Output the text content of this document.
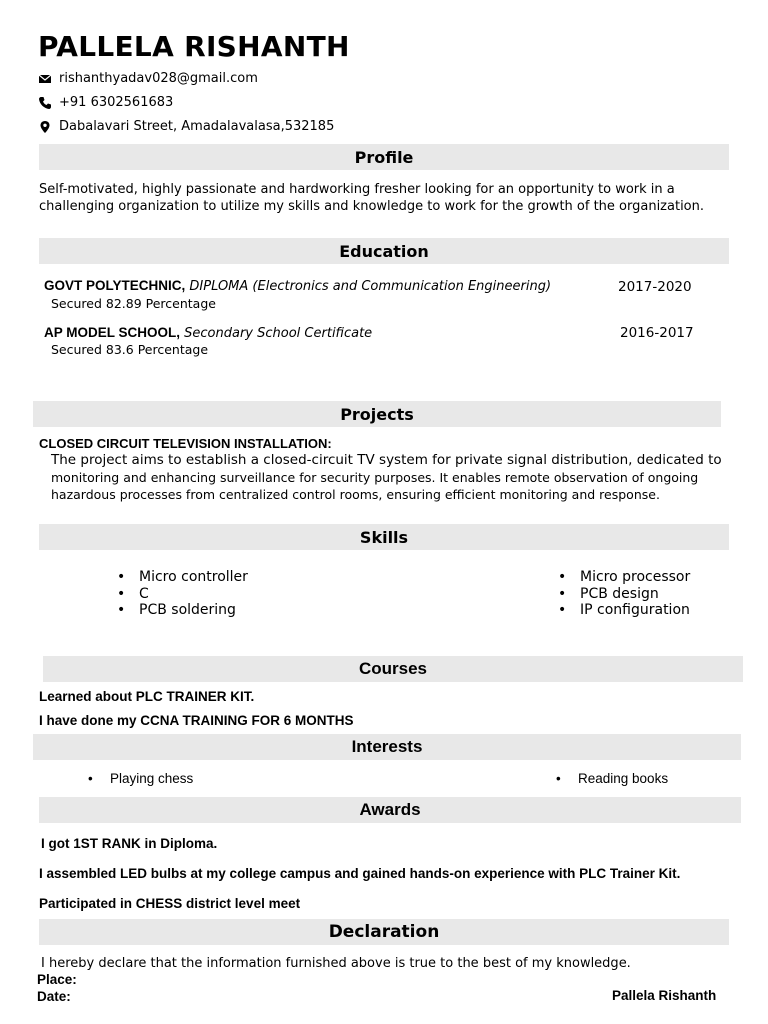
PALLELA RISHANTH
rishanthyadav028@gmail.com
+91 6302561683
Dabalavari Street, Amadalavalasa,532185
Profile
Self-motivated, highly passionate and hardworking fresher looking for an opportunity to work in a
challenging organization to utilize my skills and knowledge to work for the growth of the organization.
Education
GOVT POLYTECHNIC, DIPLOMA (Electronics and Communication Engineering)	2017-2020
Secured 82.89 Percentage
AP MODEL SCHOOL, Secondary School Certificate	2016-2017
Secured 83.6 Percentage
Projects
CLOSED CIRCUIT TELEVISION INSTALLATION:
The project aims to establish a closed-circuit TV system for private signal distribution, dedicated to
monitoring and enhancing surveillance for security purposes. It enables remote observation of ongoing
hazardous processes from centralized control rooms, ensuring efficient monitoring and response.
Skills
• Micro controller
• C
• PCB soldering
• Micro processor
• PCB design
• IP configuration
Courses
Learned about PLC TRAINER KIT.
I have done my CCNA TRAINING FOR 6 MONTHS
Interests
• Playing chess	• Reading books
Awards
I got 1ST RANK in Diploma.
I assembled LED bulbs at my college campus and gained hands-on experience with PLC Trainer Kit.
Participated in CHESS district level meet
Declaration
I hereby declare that the information furnished above is true to the best of my knowledge.
Place:
Date:	Pallela Rishanth
